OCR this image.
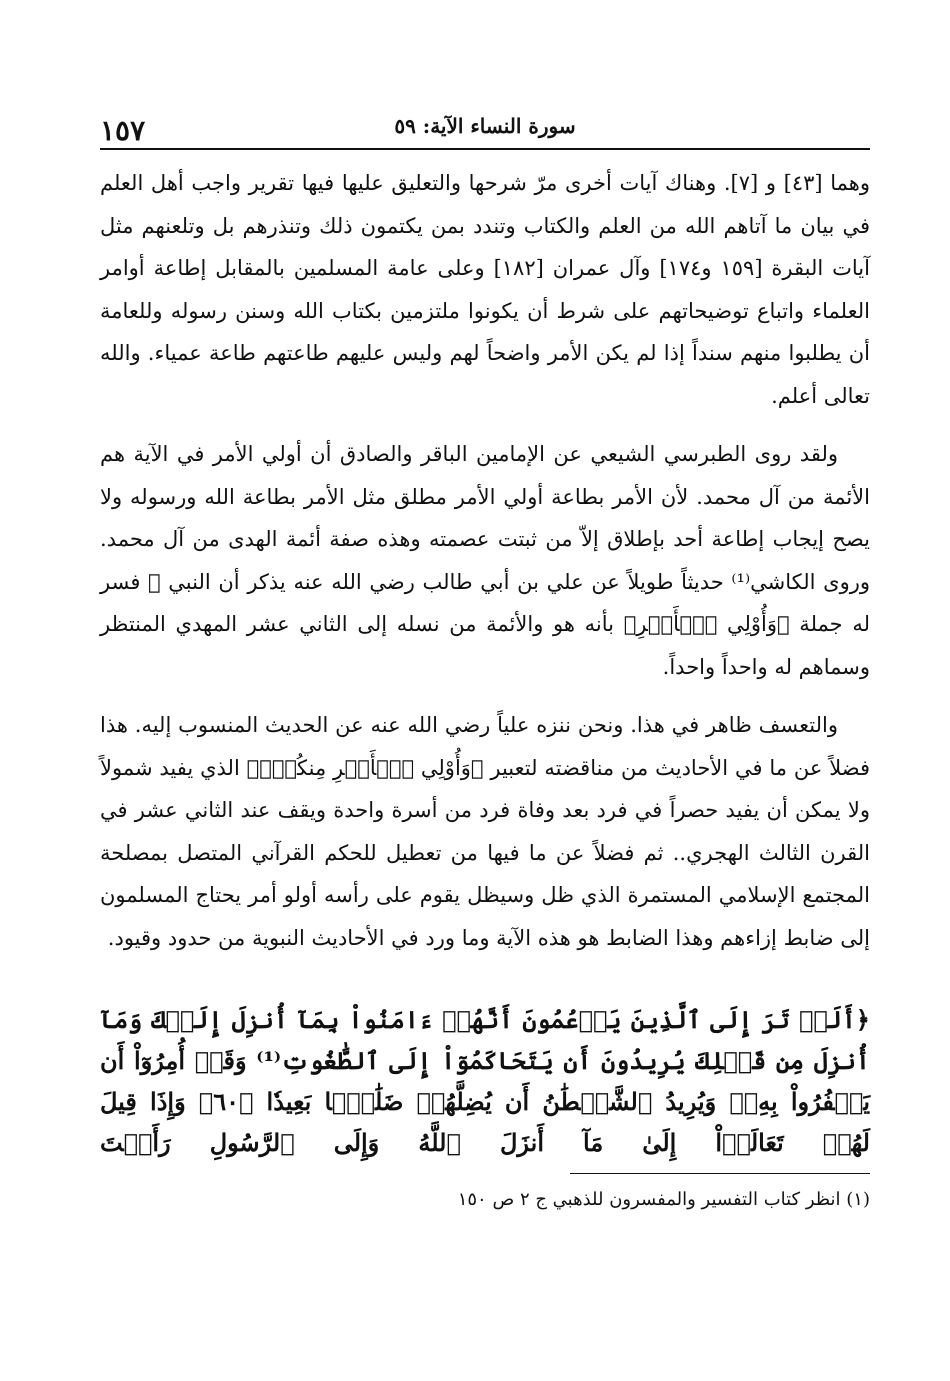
١٥٧	سورة النساء الآية: ٥٩

وهما [٤٣] و [٧]. وهناك آيات أخرى مرّ شرحها والتعليق عليها فيها تقرير واجب أهل العلم في بيان ما آتاهم الله من العلم والكتاب وتندد بمن يكتمون ذلك وتنذرهم بل وتلعنهم مثل آيات البقرة [١٥٩ و١٧٤] وآل عمران [١٨٢] وعلى عامة المسلمين بالمقابل إطاعة أوامر العلماء واتباع توضيحاتهم على شرط أن يكونوا ملتزمين بكتاب الله وسنن رسوله وللعامة أن يطلبوا منهم سنداً إذا لم يكن الأمر واضحاً لهم وليس عليهم طاعتهم طاعة عمياء. والله تعالى أعلم.

ولقد روى الطبرسي الشيعي عن الإمامين الباقر والصادق أن أولي الأمر في الآية هم الأئمة من آل محمد. لأن الأمر بطاعة أولي الأمر مطلق مثل الأمر بطاعة الله ورسوله ولا يصح إيجاب إطاعة أحد بإطلاق إلاّ من ثبتت عصمته وهذه صفة أئمة الهدى من آل محمد. وروى الكاشي⁽¹⁾ حديثاً طويلاً عن علي بن أبي طالب رضي الله عنه يذكر أن النبي ﷺ فسر له جملة ﴿وَأُوْلِي ٱلۡأَمۡرِ﴾ بأنه هو والأئمة من نسله إلى الثاني عشر المهدي المنتظر وسماهم له واحداً واحداً.

والتعسف ظاهر في هذا. ونحن ننزه علياً رضي الله عنه عن الحديث المنسوب إليه. هذا فضلاً عن ما في الأحاديث من مناقضته لتعبير ﴿وَأُوْلِي ٱلۡأَمۡرِ مِنكُمۡۖ﴾ الذي يفيد شمولاً ولا يمكن أن يفيد حصراً في فرد بعد وفاة فرد من أسرة واحدة ويقف عند الثاني عشر في القرن الثالث الهجري.. ثم فضلاً عن ما فيها من تعطيل للحكم القرآني المتصل بمصلحة المجتمع الإسلامي المستمرة الذي ظل وسيظل يقوم على رأسه أولو أمر يحتاج المسلمون إلى ضابط إزاءهم وهذا الضابط هو هذه الآية وما ورد في الأحاديث النبوية من حدود وقيود.

﴿أَلَمۡ تَرَ إِلَى ٱلَّذِينَ يَزۡعُمُونَ أَنَّهُمۡ ءَامَنُواْ بِمَآ أُنزِلَ إِلَيۡكَ وَمَآ أُنزِلَ مِن قَبۡلِكَ يُرِيدُونَ أَن يَتَحَاكَمُوٓاْ إِلَى ٱلطَّٰغُوتِ⁽¹⁾ وَقَدۡ أُمِرُوٓاْ أَن يَكۡفُرُواْ بِهِۦۖ وَيُرِيدُ ٱلشَّيۡطَٰنُ أَن يُضِلَّهُمۡ ضَلَٰلَۢا بَعِيدٗا ﴿٦٠﴾ وَإِذَا قِيلَ لَهُمۡ تَعَالَوۡاْ إِلَىٰ مَآ أَنزَلَ ٱللَّهُ وَإِلَى ٱلرَّسُولِ رَأَيۡتَ
(١) انظر كتاب التفسير والمفسرون للذهبي ج ٢ ص ١٥٠
